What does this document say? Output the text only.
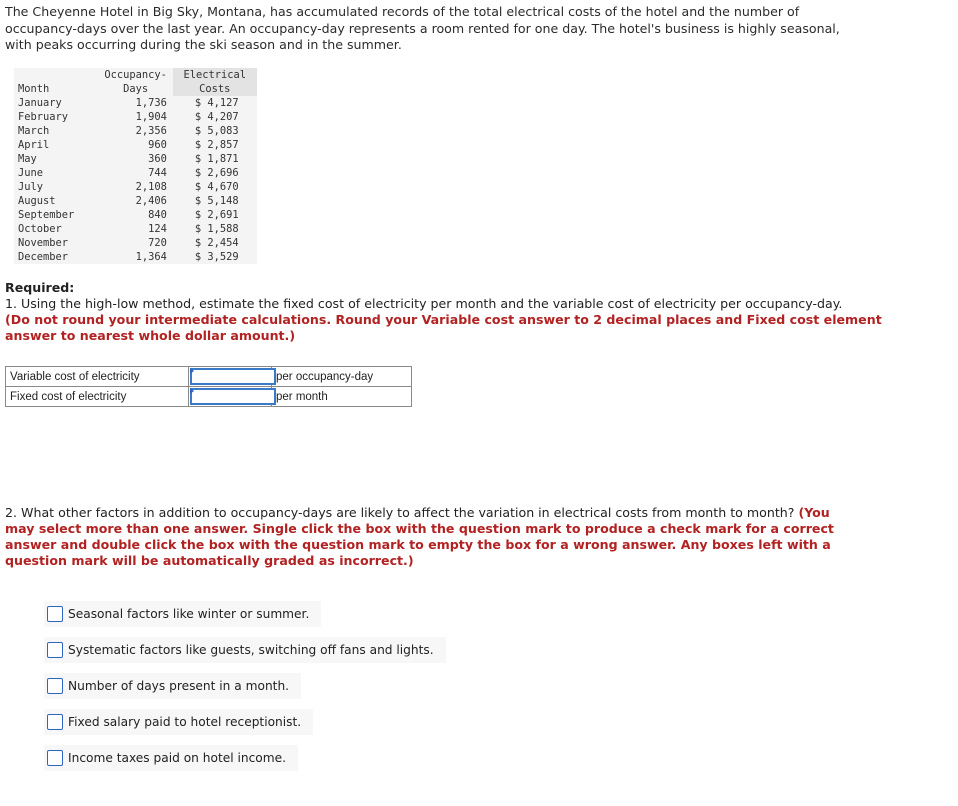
The Cheyenne Hotel in Big Sky, Montana, has accumulated records of the total electrical costs of the hotel and the number of occupancy-days over the last year. An occupancy-day represents a room rented for one day. The hotel's business is highly seasonal, with peaks occurring during the ski season and in the summer.
Month	Occupancy-	Electrical
	Days	Costs
January	1,736	$ 4,127
February	1,904	$ 4,207
March	2,356	$ 5,083
April	960	$ 2,857
May	360	$ 1,871
June	744	$ 2,696
July	2,108	$ 4,670
August	2,406	$ 5,148
September	840	$ 2,691
October	124	$ 1,588
November	720	$ 2,454
December	1,364	$ 3,529
Required:
1. Using the high-low method, estimate the fixed cost of electricity per month and the variable cost of electricity per occupancy-day.
(Do not round your intermediate calculations. Round your Variable cost answer to 2 decimal places and Fixed cost element answer to nearest whole dollar amount.)
Variable cost of electricity		per occupancy-day
Fixed cost of electricity		per month
2. What other factors in addition to occupancy-days are likely to affect the variation in electrical costs from month to month? (You may select more than one answer. Single click the box with the question mark to produce a check mark for a correct answer and double click the box with the question mark to empty the box for a wrong answer. Any boxes left with a question mark will be automatically graded as incorrect.)
Seasonal factors like winter or summer.
Systematic factors like guests, switching off fans and lights.
Number of days present in a month.
Fixed salary paid to hotel receptionist.
Income taxes paid on hotel income.
